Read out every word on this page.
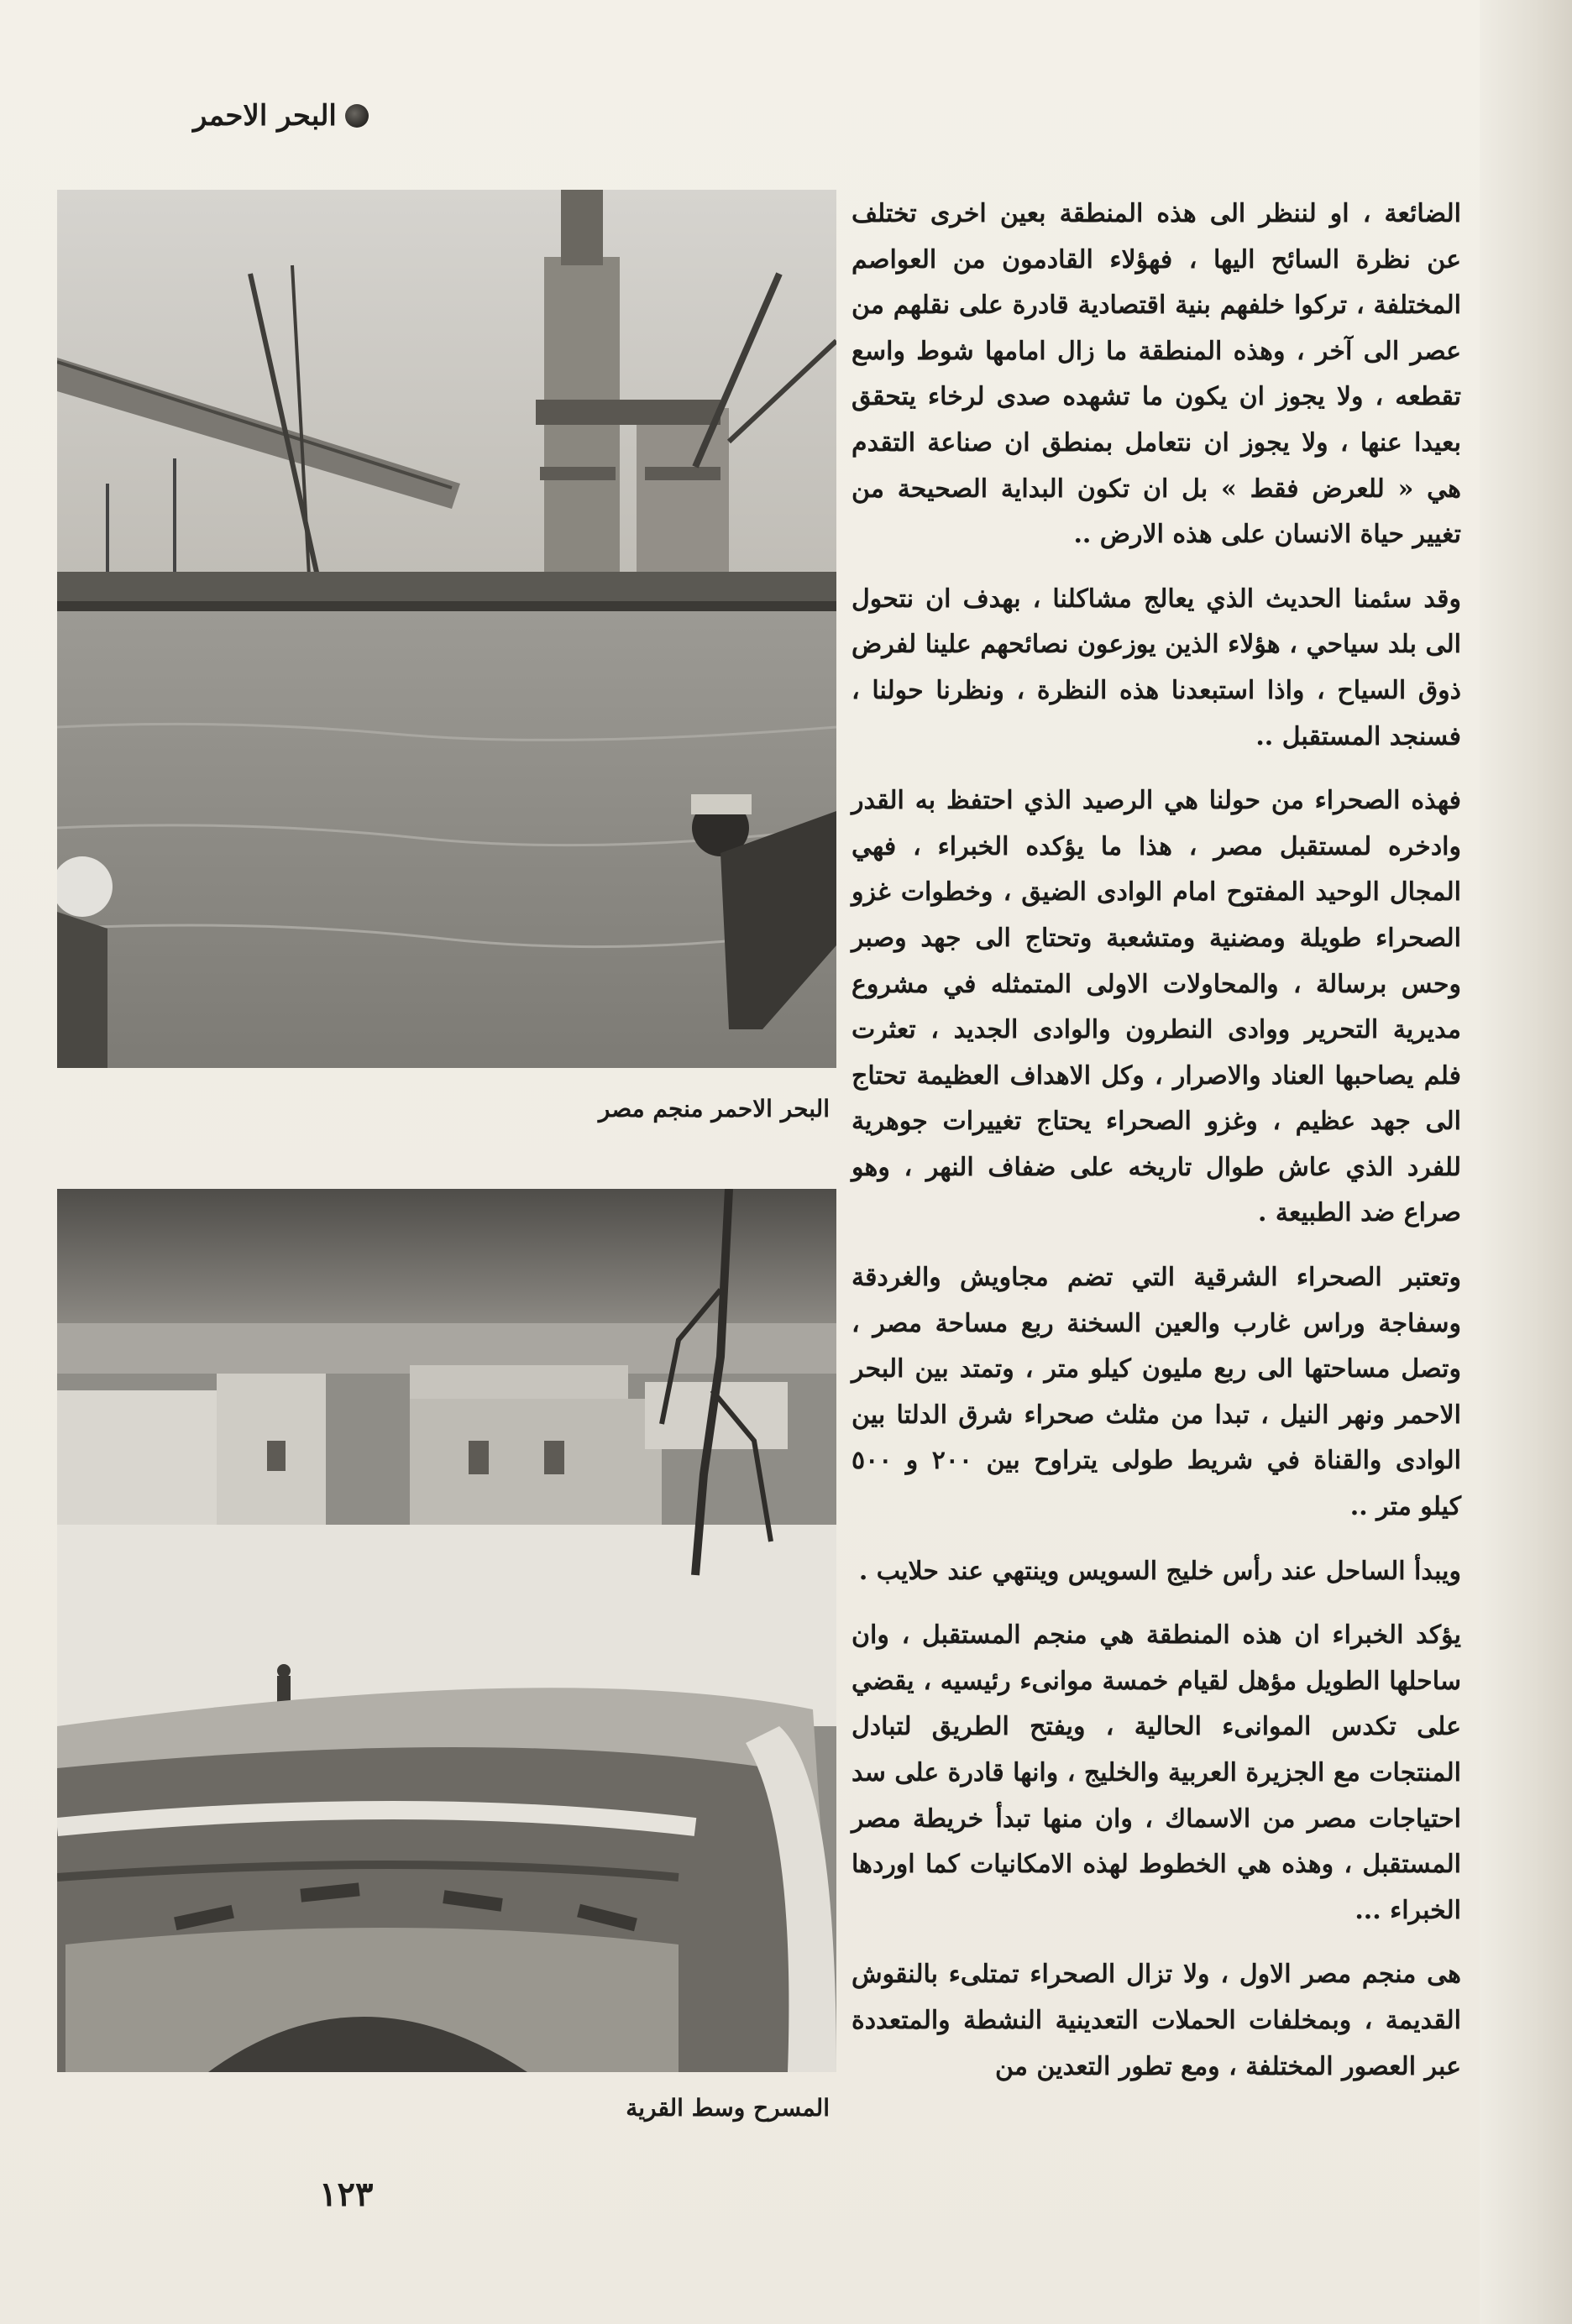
البحر الاحمر
البحر الاحمر منجم مصر
المسرح وسط القرية

الضائعة ، او لننظر الى هذه المنطقة بعين اخرى تختلف عن نظرة السائح اليها ، فهؤلاء القادمون من العواصم المختلفة ، تركوا خلفهم بنية اقتصادية قادرة على نقلهم من عصر الى آخر ، وهذه المنطقة ما زال امامها شوط واسع تقطعه ، ولا يجوز ان يكون ما تشهده صدى لرخاء يتحقق بعيدا عنها ، ولا يجوز ان نتعامل بمنطق ان صناعة التقدم هي « للعرض فقط » بل ان تكون البداية الصحيحة من تغيير حياة الانسان على هذه الارض ..

وقد سئمنا الحديث الذي يعالج مشاكلنا ، بهدف ان نتحول الى بلد سياحي ، هؤلاء الذين يوزعون نصائحهم علينا لفرض ذوق السياح ، واذا استبعدنا هذه النظرة ، ونظرنا حولنا ، فسنجد المستقبل ..

فهذه الصحراء من حولنا هي الرصيد الذي احتفظ به القدر وادخره لمستقبل مصر ، هذا ما يؤكده الخبراء ، فهي المجال الوحيد المفتوح امام الوادى الضيق ، وخطوات غزو الصحراء طويلة ومضنية ومتشعبة وتحتاج الى جهد وصبر وحس برسالة ، والمحاولات الاولى المتمثله في مشروع مديرية التحرير ووادى النطرون والوادى الجديد ، تعثرت فلم يصاحبها العناد والاصرار ، وكل الاهداف العظيمة تحتاج الى جهد عظيم ، وغزو الصحراء يحتاج تغييرات جوهرية للفرد الذي عاش طوال تاريخه على ضفاف النهر ، وهو صراع ضد الطبيعة .

وتعتبر الصحراء الشرقية التي تضم مجاويش والغردقة وسفاجة وراس غارب والعين السخنة ربع مساحة مصر ، وتصل مساحتها الى ربع مليون كيلو متر ، وتمتد بين البحر الاحمر ونهر النيل ، تبدا من مثلث صحراء شرق الدلتا بين الوادى والقناة في شريط طولى يتراوح بين ٢٠٠ و ٥٠٠ كيلو متر ..

ويبدأ الساحل عند رأس خليج السويس وينتهي عند حلايب .

يؤكد الخبراء ان هذه المنطقة هي منجم المستقبل ، وان ساحلها الطويل مؤهل لقيام خمسة موانىء رئيسيه ، يقضي على تكدس الموانىء الحالية ، ويفتح الطريق لتبادل المنتجات مع الجزيرة العربية والخليج ، وانها قادرة على سد احتياجات مصر من الاسماك ، وان منها تبدأ خريطة مصر المستقبل ، وهذه هي الخطوط لهذه الامكانيات كما اوردها الخبراء ...

هى منجم مصر الاول ، ولا تزال الصحراء تمتلىء بالنقوش القديمة ، وبمخلفات الحملات التعدينية النشطة والمتعددة عبر العصور المختلفة ، ومع تطور التعدين من

١٢٣
